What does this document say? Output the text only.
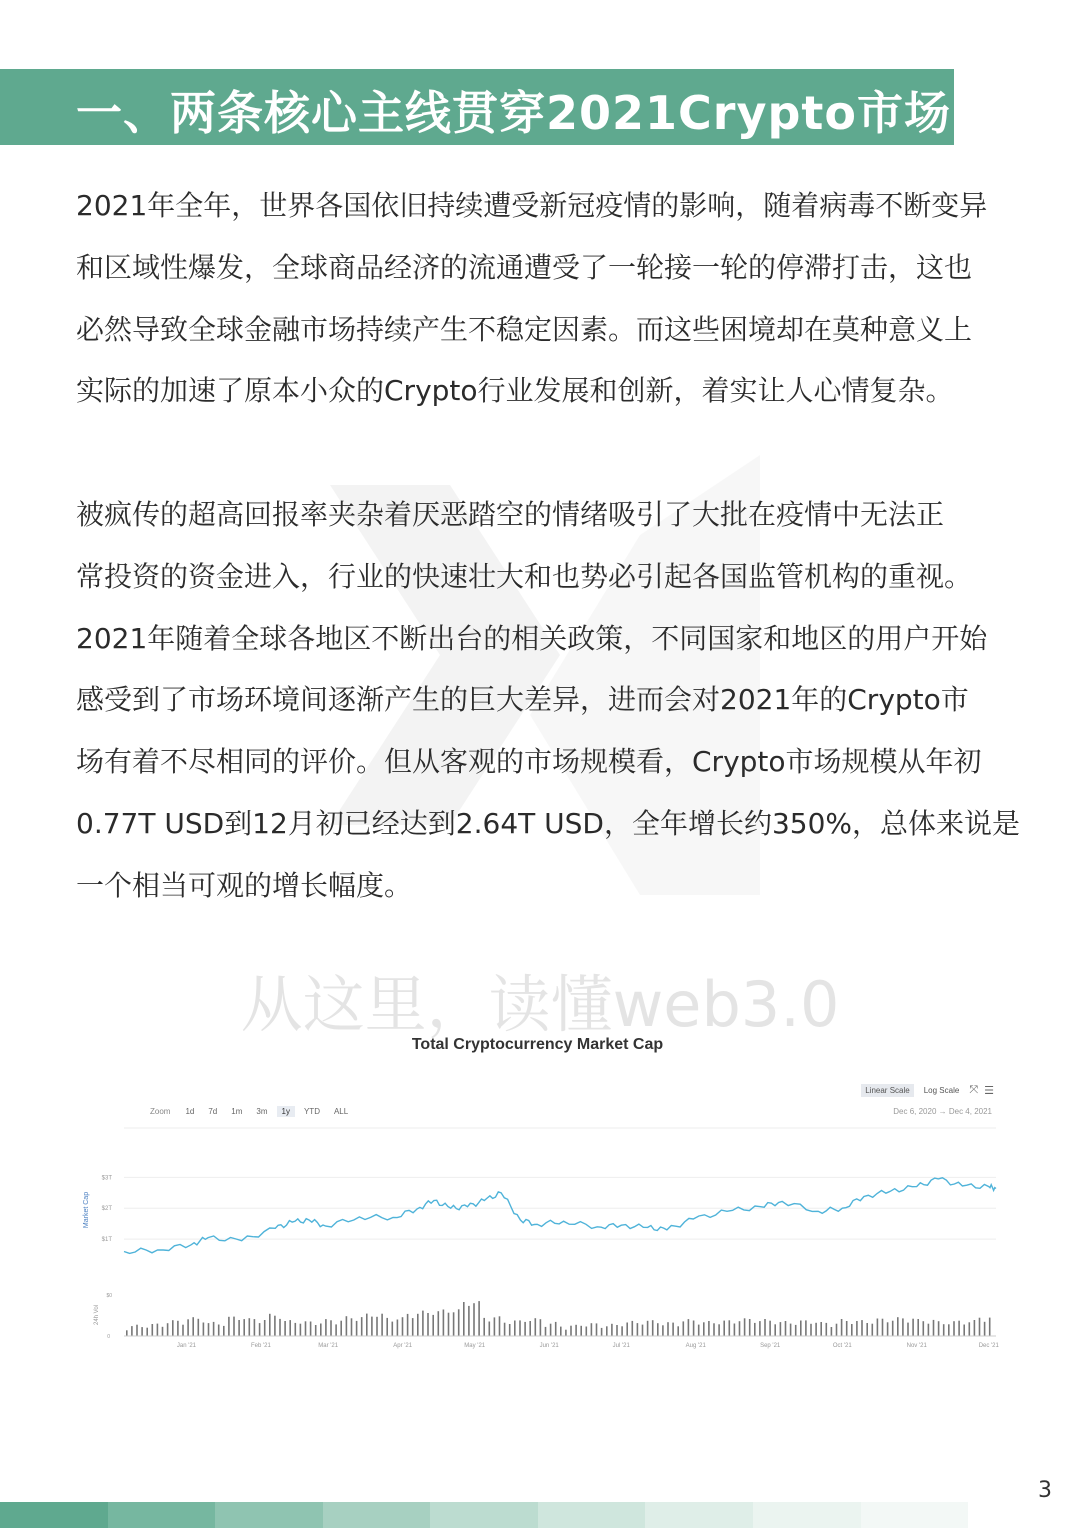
一、两条核心主线贯穿2021Crypto市场
2021年全年，世界各国依旧持续遭受新冠疫情的影响，随着病毒不断变异
和区域性爆发，全球商品经济的流通遭受了一轮接一轮的停滞打击，这也
必然导致全球金融市场持续产生不稳定因素。而这些困境却在莫种意义上
实际的加速了原本小众的Crypto行业发展和创新，着实让人心情复杂。
被疯传的超高回报率夹杂着厌恶踏空的情绪吸引了大批在疫情中无法正
常投资的资金进入，行业的快速壮大和也势必引起各国监管机构的重视。
2021年随着全球各地区不断出台的相关政策，不同国家和地区的用户开始
感受到了市场环境间逐渐产生的巨大差异，进而会对2021年的Crypto市
场有着不尽相同的评价。但从客观的市场规模看，Crypto市场规模从年初
0.77T USD到12月初已经达到2.64T USD，全年增长约350%，总体来说是
一个相当可观的增长幅度。
从这里，读懂web3.0
Total Cryptocurrency Market Cap
Linear Scale	Log Scale ⤧ ☰
Zoom	1d	7d	1m	3m	1y	YTD	ALL	Dec 6, 2020 → Dec 4, 2021
$3T
$2T
$1T
Market Cap
$0
0
24h Vol
Jan '21	Feb '21	Mar '21	Apr '21	May '21	Jun '21	Jul '21	Aug '21	Sep '21	Oct '21	Nov '21	Dec '21
3
